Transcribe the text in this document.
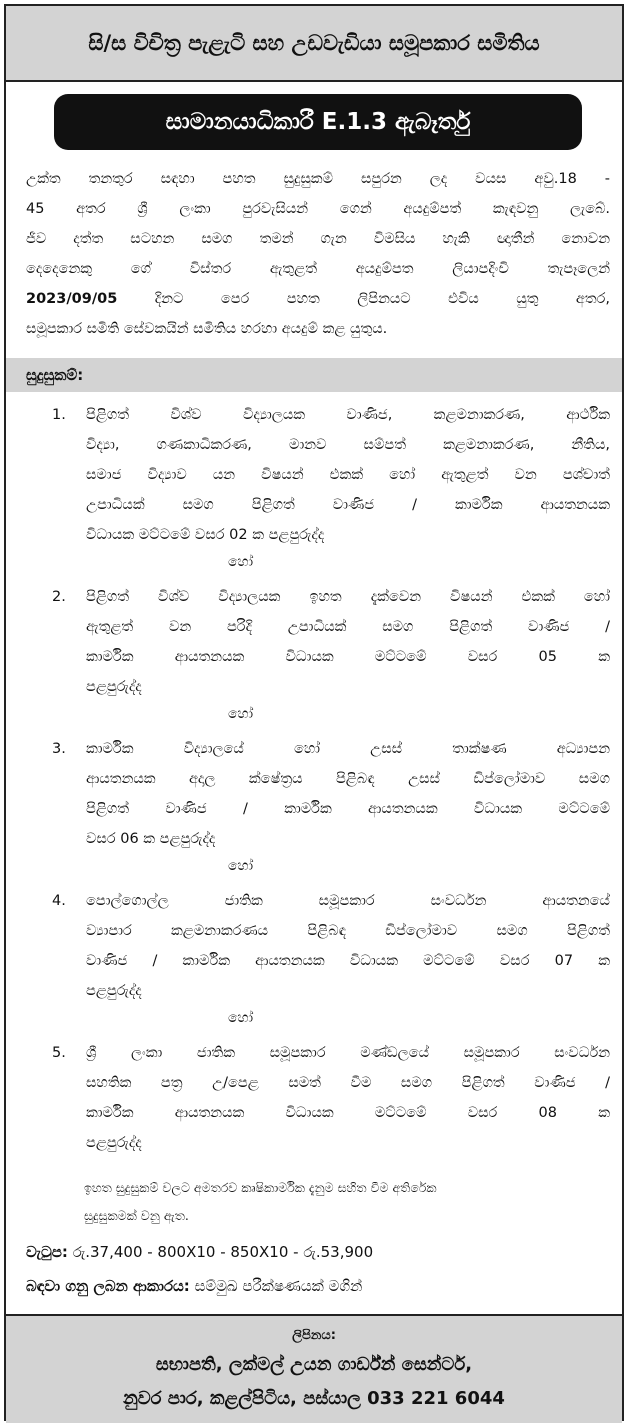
සි/ස විචිත්‍ර පැළැටි සහ උඩවැඩියා සමූපකාර සමිතිය
සාමානයාධිකාරී E.1.3 ඇබෑර්තු
උක්ත තනතුර සඳහා පහත සුදුසුකම් සපුරන ලද වයස අවු.18 -
45 අතර ශ්‍රී ලංකා පුරවැසියන් ගෙන් අයදුම්පත් කැඳවනු ලැබේ.
ජීව දත්ත සටහන සමග තමන් ගැන විමසිය හැකි ඥාතීන් නොවන
දෙදෙනෙකු ගේ විස්තර ඇතුළත් අයදුම්පත ලියාපදිංචි තැපෑලෙන්
2023/09/05 දිනට පෙර පහත ලිපිනයට එවිය යුතු අතර,
සමූපකාර සමිති සේවකයින් සමිතිය හරහා අයදුම් කළ යුතුය.
සුදුසුකම්:
1. පිළිගත් විශ්ව විද්‍යාලයක වාණිජ, කළමනාකරණ, ආර්ථික
විද්‍යා, ගණකාධිකරණ, මානව සම්පත් කළමනාකරණ, නීතිය,
සමාජ විද්‍යාව යන විෂයන් එකක් හෝ ඇතුළත් වන පශ්චාත්
උපාධියක් සමග පිළිගත් වාණිජ / කාර්මික ආයතනයක
විධායක මට්ටමේ වසර 02 ක පළපුරුද්ද
හෝ
2. පිළිගත් විශ්ව විද්‍යාලයක ඉහත දැක්වෙන විෂයන් එකක් හෝ
ඇතුළත් වන පරිදි උපාධියක් සමග පිළිගත් වාණිජ /
කාර්මික ආයතනයක විධායක මට්ටමේ වසර 05 ක
පළපුරුද්ද
හෝ
3. කාර්මික විද්‍යාලයේ හෝ උසස් තාක්ෂණ අධ්‍යාපන
ආයතනයක අදාල ක්ෂේත්‍රය පිළිබඳ උසස් ඩිප්ලෝමාව සමග
පිළිගත් වාණිජ / කාර්මික ආයතනයක විධායක මට්ටමේ
වසර 06 ක පළපුරුද්ද
හෝ
4. පොල්ගොල්ල ජාතික සමූපකාර සංවර්ධන ආයතනයේ
ව්‍යාපාර කළමනාකරණය පිළිබඳ ඩිප්ලෝමාව සමග පිළිගත්
වාණිජ / කාර්මික ආයතනයක විධායක මට්ටමේ වසර 07 ක
පළපුරුද්ද
හෝ
5. ශ්‍රී ලංකා ජාතික සමූපකාර මණ්ඩලයේ සමූපකාර සංවර්ධන
සහතික පත්‍ර උ/පෙළ සමත් වීම සමග පිළිගත් වාණිජ /
කාර්මික ආයතනයක විධායක මට්ටමේ වසර 08 ක
පළපුරුද්ද
ඉහත සුදුසුකම් වලට අමතරව කෘෂිකාර්මික දැනුම සහිත වීම අතිරේක
සුදුසුකමක් වනු ඇත.
වැටුප: රු.37,400 - 800X10 - 850X10 - රු.53,900
බඳවා ගනු ලබන ආකාරය: සම්මුඛ පරීක්ෂණයක් මගින්
ලිපිනය:
සභාපති, ලක්මල් උයන ගාර්ඩ්න් සෙන්ටර්,
නුවර පාර, කළල්පිටිය, පස්යාල 033 221 6044
